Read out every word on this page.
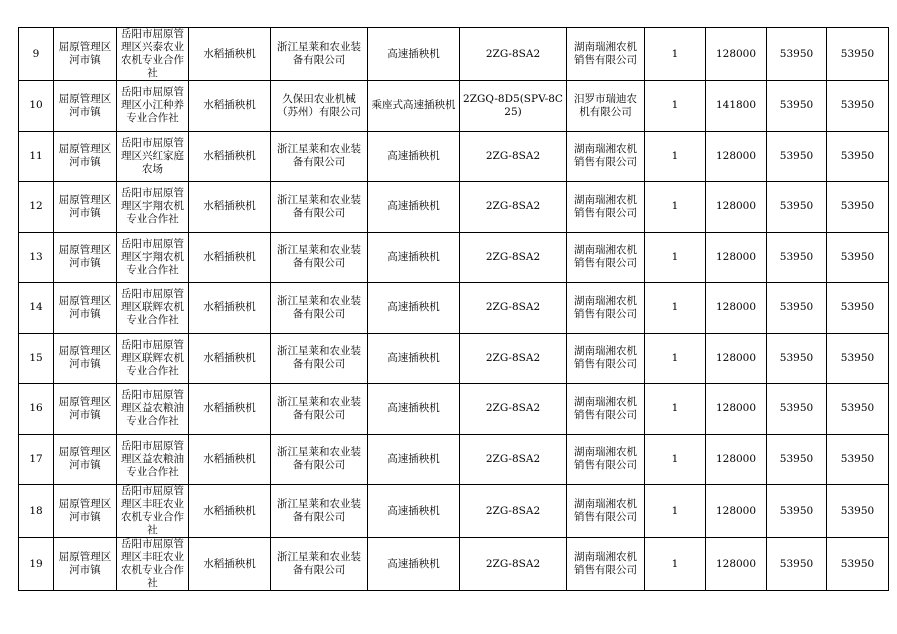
9	屈原管理区河市镇	岳阳市屈原管理区兴泰农业农机专业合作社	水稻插秧机	浙江星莱和农业装备有限公司	高速插秧机	2ZG-8SA2	湖南瑞湘农机销售有限公司	1	128000	53950	53950
10	屈原管理区河市镇	岳阳市屈原管理区小江种养专业合作社	水稻插秧机	久保田农业机械（苏州）有限公司	乘座式高速插秧机	2ZGQ-8D5(SPV-8C25)	汨罗市瑞迪农机有限公司	1	141800	53950	53950
11	屈原管理区河市镇	岳阳市屈原管理区兴红家庭农场	水稻插秧机	浙江星莱和农业装备有限公司	高速插秧机	2ZG-8SA2	湖南瑞湘农机销售有限公司	1	128000	53950	53950
12	屈原管理区河市镇	岳阳市屈原管理区宇翔农机专业合作社	水稻插秧机	浙江星莱和农业装备有限公司	高速插秧机	2ZG-8SA2	湖南瑞湘农机销售有限公司	1	128000	53950	53950
13	屈原管理区河市镇	岳阳市屈原管理区宇翔农机专业合作社	水稻插秧机	浙江星莱和农业装备有限公司	高速插秧机	2ZG-8SA2	湖南瑞湘农机销售有限公司	1	128000	53950	53950
14	屈原管理区河市镇	岳阳市屈原管理区联辉农机专业合作社	水稻插秧机	浙江星莱和农业装备有限公司	高速插秧机	2ZG-8SA2	湖南瑞湘农机销售有限公司	1	128000	53950	53950
15	屈原管理区河市镇	岳阳市屈原管理区联辉农机专业合作社	水稻插秧机	浙江星莱和农业装备有限公司	高速插秧机	2ZG-8SA2	湖南瑞湘农机销售有限公司	1	128000	53950	53950
16	屈原管理区河市镇	岳阳市屈原管理区益农粮油专业合作社	水稻插秧机	浙江星莱和农业装备有限公司	高速插秧机	2ZG-8SA2	湖南瑞湘农机销售有限公司	1	128000	53950	53950
17	屈原管理区河市镇	岳阳市屈原管理区益农粮油专业合作社	水稻插秧机	浙江星莱和农业装备有限公司	高速插秧机	2ZG-8SA2	湖南瑞湘农机销售有限公司	1	128000	53950	53950
18	屈原管理区河市镇	岳阳市屈原管理区丰旺农业农机专业合作社	水稻插秧机	浙江星莱和农业装备有限公司	高速插秧机	2ZG-8SA2	湖南瑞湘农机销售有限公司	1	128000	53950	53950
19	屈原管理区河市镇	岳阳市屈原管理区丰旺农业农机专业合作社	水稻插秧机	浙江星莱和农业装备有限公司	高速插秧机	2ZG-8SA2	湖南瑞湘农机销售有限公司	1	128000	53950	53950
